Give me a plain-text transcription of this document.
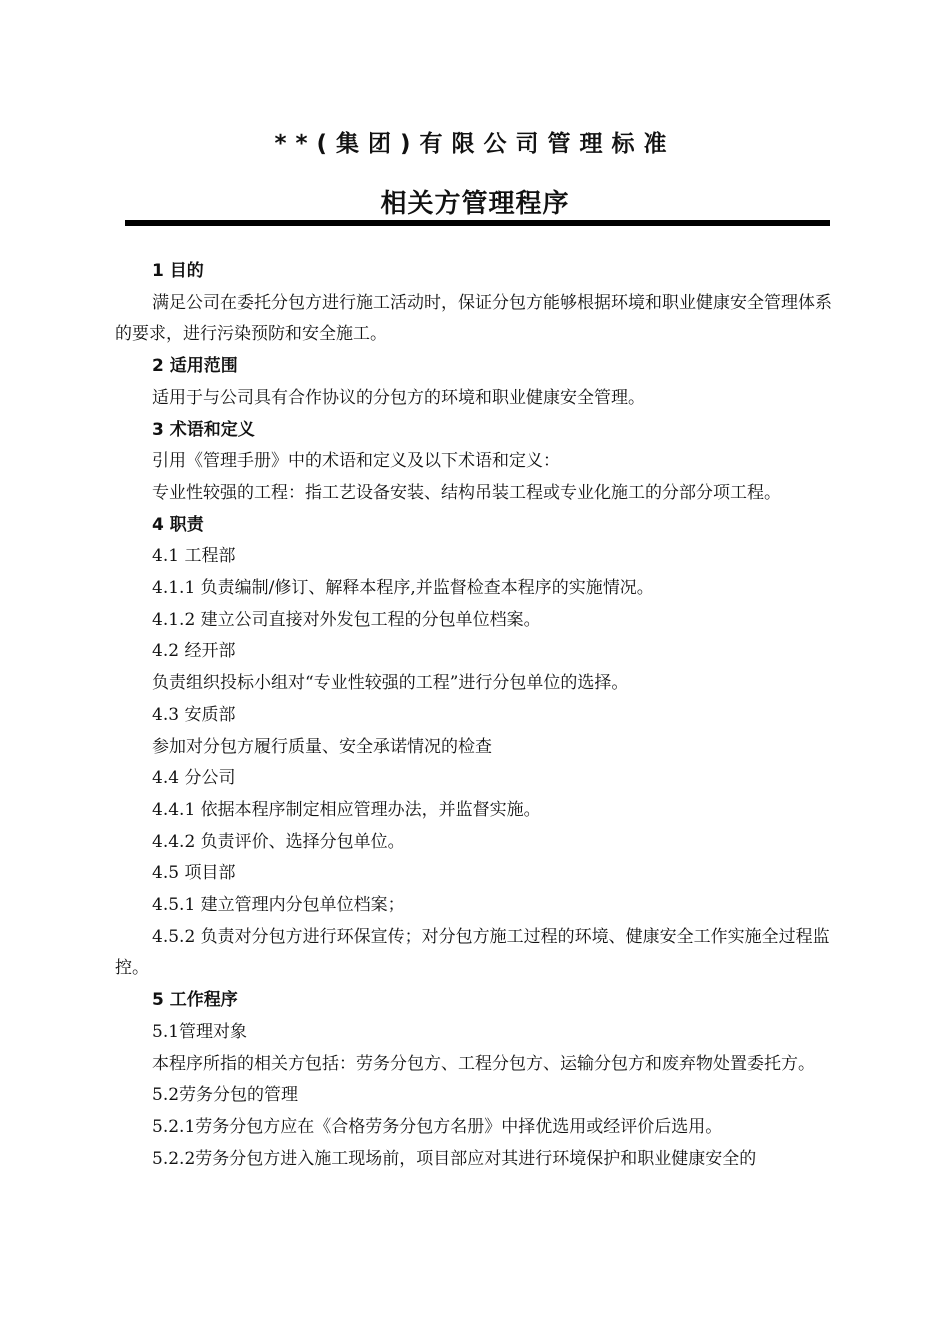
**(集团)有限公司管理标准
相关方管理程序

1 目的

满足公司在委托分包方进行施工活动时，保证分包方能够根据环境和职业健康安全管理体系的要求，进行污染预防和安全施工。

2 适用范围

适用于与公司具有合作协议的分包方的环境和职业健康安全管理。

3 术语和定义

引用《管理手册》中的术语和定义及以下术语和定义：

专业性较强的工程：指工艺设备安装、结构吊装工程或专业化施工的分部分项工程。

4 职责

4.1 工程部

4.1.1 负责编制/修订、解释本程序,并监督检查本程序的实施情况。

4.1.2 建立公司直接对外发包工程的分包单位档案。

4.2 经开部

负责组织投标小组对“专业性较强的工程”进行分包单位的选择。

4.3 安质部

参加对分包方履行质量、安全承诺情况的检查

4.4 分公司

4.4.1 依据本程序制定相应管理办法，并监督实施。

4.4.2 负责评价、选择分包单位。

4.5 项目部

4.5.1 建立管理内分包单位档案；

4.5.2 负责对分包方进行环保宣传；对分包方施工过程的环境、健康安全工作实施全过程监控。

5 工作程序

5.1管理对象

本程序所指的相关方包括：劳务分包方、工程分包方、运输分包方和废弃物处置委托方。

5.2劳务分包的管理

5.2.1劳务分包方应在《合格劳务分包方名册》中择优选用或经评价后选用。

5.2.2劳务分包方进入施工现场前，项目部应对其进行环境保护和职业健康安全的
